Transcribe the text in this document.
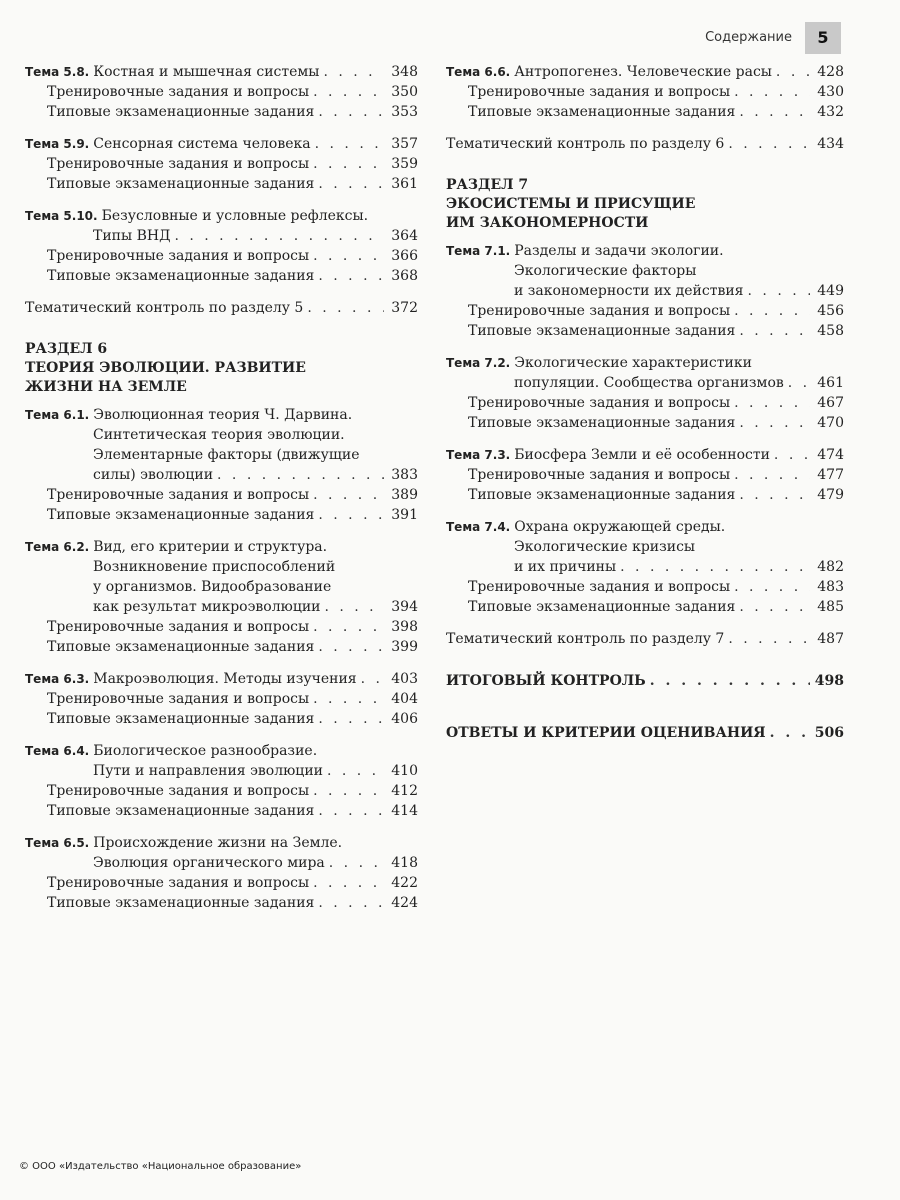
Содержание	5
Тема 5.8. Костная и мышечная системы . . .	348
Тренировочные задания и вопросы . . .	350
Типовые экзаменационные задания . . .	353
Тема 5.9. Сенсорная система человека . . .	357
Тренировочные задания и вопросы . . .	359
Типовые экзаменационные задания . . .	361
Тема 5.10. Безусловные и условные рефлексы.
Типы ВНД . . .	364
Тренировочные задания и вопросы . . .	366
Типовые экзаменационные задания . . .	368
Тематический контроль по разделу 5 . . .	372
РАЗДЕЛ 6
ТЕОРИЯ ЭВОЛЮЦИИ. РАЗВИТИЕ
ЖИЗНИ НА ЗЕМЛЕ
Тема 6.1. Эволюционная теория Ч. Дарвина.
Синтетическая теория эволюции.
Элементарные факторы (движущие
силы) эволюции . . .	383
Тренировочные задания и вопросы . . .	389
Типовые экзаменационные задания . . .	391
Тема 6.2. Вид, его критерии и структура.
Возникновение приспособлений
у организмов. Видообразование
как результат микроэволюции . . .	394
Тренировочные задания и вопросы . . .	398
Типовые экзаменационные задания . . .	399
Тема 6.3. Макроэволюция. Методы изучения . . .	403
Тренировочные задания и вопросы . . .	404
Типовые экзаменационные задания . . .	406
Тема 6.4. Биологическое разнообразие.
Пути и направления эволюции . . .	410
Тренировочные задания и вопросы . . .	412
Типовые экзаменационные задания . . .	414
Тема 6.5. Происхождение жизни на Земле.
Эволюция органического мира . . .	418
Тренировочные задания и вопросы . . .	422
Типовые экзаменационные задания . . .	424
Тема 6.6. Антропогенез. Человеческие расы . . .	428
Тренировочные задания и вопросы . . .	430
Типовые экзаменационные задания . . .	432
Тематический контроль по разделу 6 . . .	434
РАЗДЕЛ 7
ЭКОСИСТЕМЫ И ПРИСУЩИЕ
ИМ ЗАКОНОМЕРНОСТИ
Тема 7.1. Разделы и задачи экологии.
Экологические факторы
и закономерности их действия . . .	449
Тренировочные задания и вопросы . . .	456
Типовые экзаменационные задания . . .	458
Тема 7.2. Экологические характеристики
популяции. Сообщества организмов . . .	461
Тренировочные задания и вопросы . . .	467
Типовые экзаменационные задания . . .	470
Тема 7.3. Биосфера Земли и её особенности . . .	474
Тренировочные задания и вопросы . . .	477
Типовые экзаменационные задания . . .	479
Тема 7.4. Охрана окружающей среды.
Экологические кризисы
и их причины . . .	482
Тренировочные задания и вопросы . . .	483
Типовые экзаменационные задания . . .	485
Тематический контроль по разделу 7 . . .	487
ИТОГОВЫЙ КОНТРОЛЬ . . .	498
ОТВЕТЫ И КРИТЕРИИ ОЦЕНИВАНИЯ . . .	506
© ООО «Издательство «Национальное образование»
